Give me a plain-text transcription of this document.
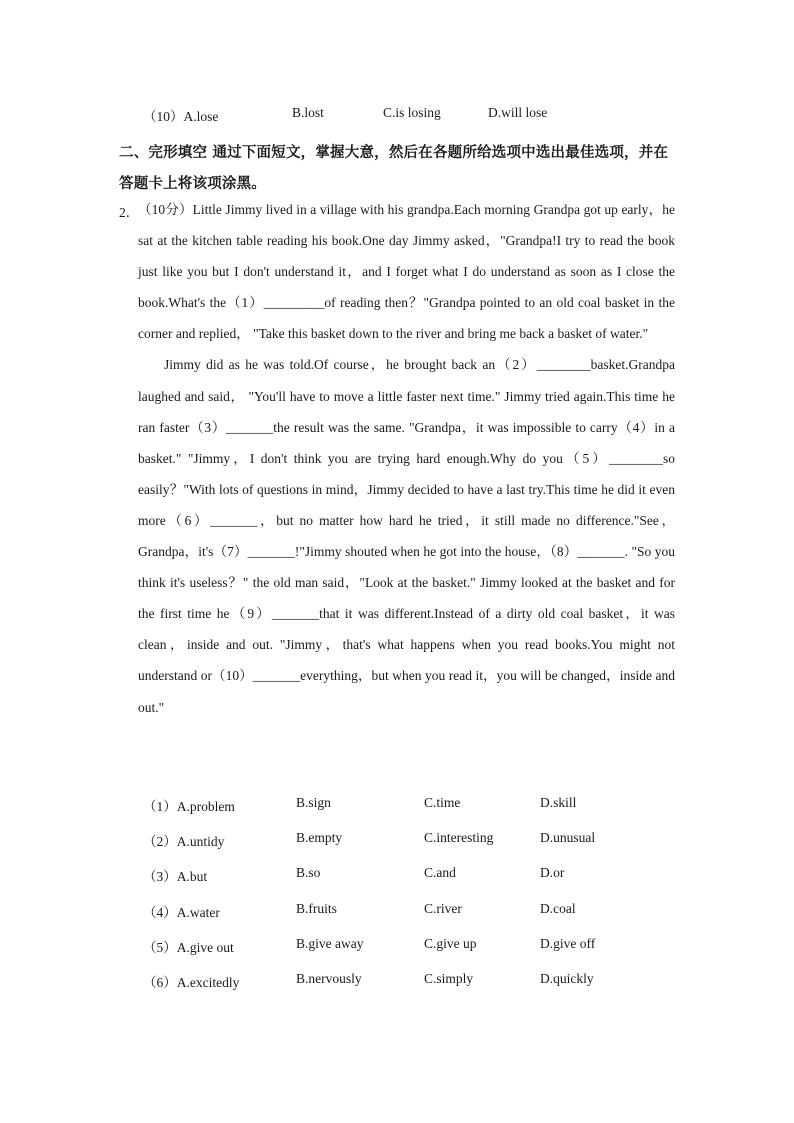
（10）A.lose	B.lost	C.is losing	D.will lose
二、完形填空 通过下面短文，掌握大意，然后在各题所给选项中选出最佳选项，并在答题卡上将该项涂黑。
2．

（10分）Little Jimmy lived in a village with his grandpa.Each morning Grandpa got up early，he sat at the kitchen table reading his book.One day Jimmy asked，"Grandpa!I try to read the book just like you but I don't understand it，and I forget what I do understand as soon as I close the book.What's the（1）_________of reading then？"Grandpa pointed to an old coal basket in the corner and replied， "Take this basket down to the river and bring me back a basket of water."

Jimmy did as he was told.Of course，he brought back an（2）________basket.Grandpa laughed and said， "You'll have to move a little faster next time." Jimmy tried again.This time he ran faster（3）_______the result was the same. "Grandpa，it was impossible to carry（4）in a basket." "Jimmy，I don't think you are trying hard enough.Why do you（5）________so easily？"With lots of questions in mind，Jimmy decided to have a last try.This time he did it even more（6）_______，but no matter how hard he tried，it still made no difference."See，Grandpa，it's（7）_______!"Jimmy shouted when he got into the house，（8）_______. "So you think it's useless？" the old man said，"Look at the basket." Jimmy looked at the basket and for the first time he（9）_______that it was different.Instead of a dirty old coal basket，it was clean，inside and out. "Jimmy，that's what happens when you read books.You might not understand or（10）_______everything，but when you read it，you will be changed，inside and out."

（1）A.problem	B.sign	C.time	D.skill
（2）A.untidy	B.empty	C.interesting	D.unusual
（3）A.but	B.so	C.and	D.or
（4）A.water	B.fruits	C.river	D.coal
（5）A.give out	B.give away	C.give up	D.give off
（6）A.excitedly	B.nervously	C.simply	D.quickly
